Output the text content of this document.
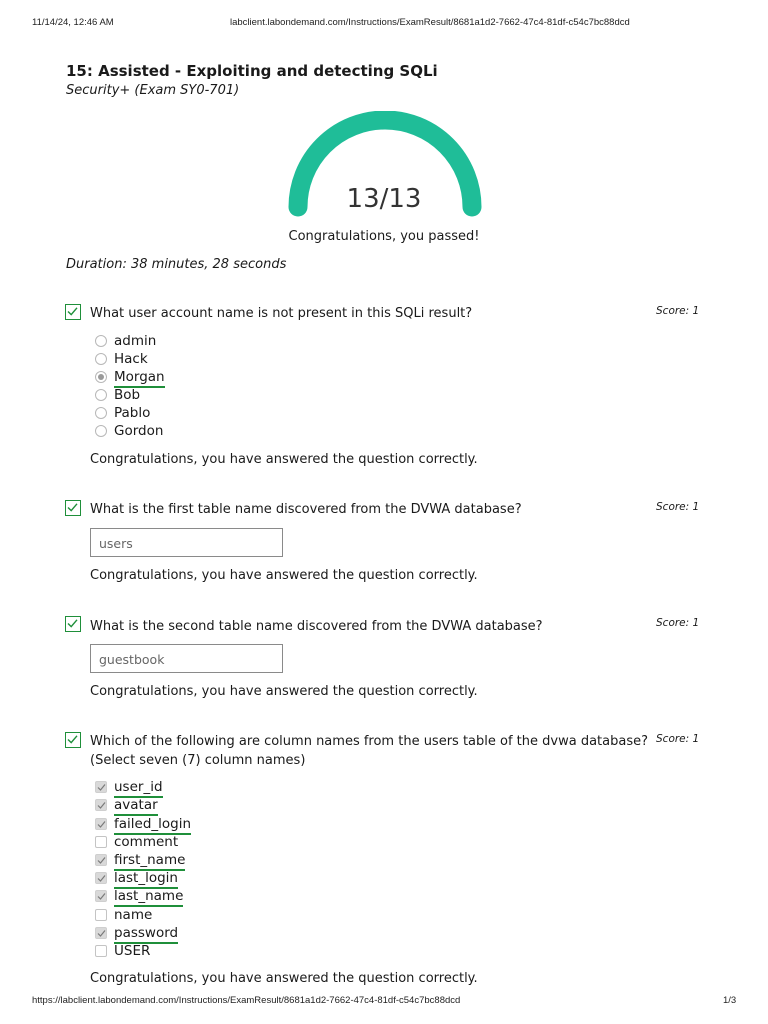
11/14/24, 12:46 AM	labclient.labondemand.com/Instructions/ExamResult/8681a1d2-7662-47c4-81df-c54c7bc88dcd
15: Assisted - Exploiting and detecting SQLi
Security+ (Exam SY0-701)
13/13
Congratulations, you passed!
Duration: 38 minutes, 28 seconds
What user account name is not present in this SQLi result?	Score: 1
admin
Hack
Morgan
Bob
Pablo
Gordon
Congratulations, you have answered the question correctly.
What is the first table name discovered from the DVWA database?	Score: 1
users
Congratulations, you have answered the question correctly.
What is the second table name discovered from the DVWA database?	Score: 1
guestbook
Congratulations, you have answered the question correctly.
Which of the following are column names from the users table of the dvwa database? (Select seven (7) column names)
Score: 1
user_id
avatar
failed_login
comment
first_name
last_login
last_name
name
password
USER
Congratulations, you have answered the question correctly.
https://labclient.labondemand.com/Instructions/ExamResult/8681a1d2-7662-47c4-81df-c54c7bc88dcd	1/3
